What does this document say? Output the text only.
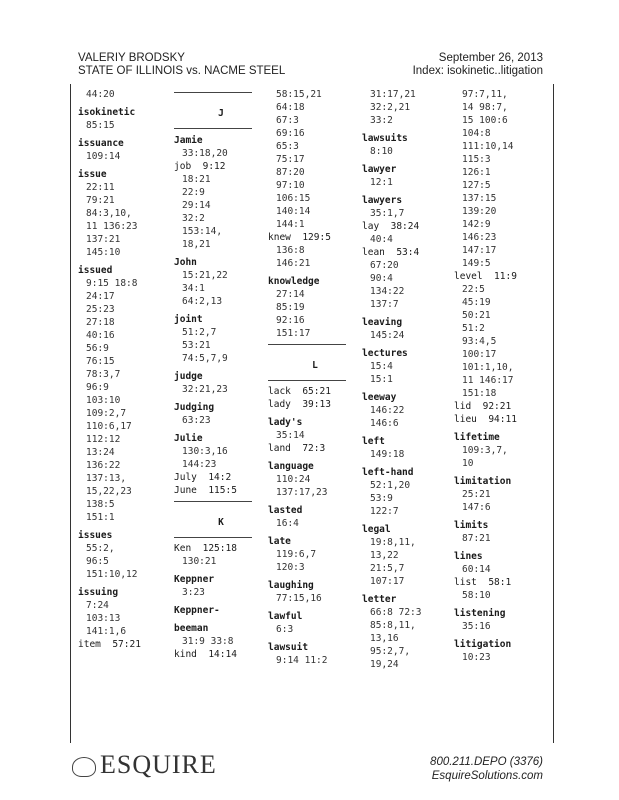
VALERIY BRODSKY
STATE OF ILLINOIS vs. NACME STEEL
September 26, 2013
Index: isokinetic..litigation
44:20
isokinetic
85:15
issuance
109:14
issue
22:11
79:21
84:3,10,
11 136:23
137:21
145:10
issued
9:15 18:8
24:17
25:23
27:18
40:16
56:9
76:15
78:3,7
96:9
103:10
109:2,7
110:6,17
112:12
13:24
136:22
137:13,
15,22,23
138:5
151:1
issues
55:2,
96:5
151:10,12
issuing
7:24
103:13
141:1,6
item  57:21
J
Jamie
33:18,20
job  9:12
18:21
22:9
29:14
32:2
153:14,
18,21
John
15:21,22
34:1
64:2,13
joint
51:2,7
53:21
74:5,7,9
judge
32:21,23
Judging
63:23
Julie
130:3,16
144:23
July  14:2
June  115:5
K
Ken  125:18
130:21
Keppner
3:23
Keppner-
beeman
31:9 33:8
kind  14:14
58:15,21
64:18
67:3
69:16
65:3
75:17
87:20
97:10
106:15
140:14
144:1
knew  129:5
136:8
146:21
knowledge
27:14
85:19
92:16
151:17
L
lack  65:21
lady  39:13
lady's
35:14
land  72:3
language
110:24
137:17,23
lasted
16:4
late
119:6,7
120:3
laughing
77:15,16
lawful
6:3
lawsuit
9:14 11:2
31:17,21
32:2,21
33:2
lawsuits
8:10
lawyer
12:1
lawyers
35:1,7
lay  38:24
40:4
lean  53:4
67:20
90:4
134:22
137:7
leaving
145:24
lectures
15:4
15:1
leeway
146:22
146:6
left
149:18
left-hand
52:1,20
53:9
122:7
legal
19:8,11,
13,22
21:5,7
107:17
letter
66:8 72:3
85:8,11,
13,16
95:2,7,
19,24
97:7,11,
14 98:7,
15 100:6
104:8
111:10,14
115:3
126:1
127:5
137:15
139:20
142:9
146:23
147:17
149:5
level  11:9
22:5
45:19
50:21
51:2
93:4,5
100:17
101:1,10,
11 146:17
151:18
lid  92:21
lieu  94:11
lifetime
109:3,7,
10
limitation
25:21
147:6
limits
87:21
lines
60:14
list  58:1
58:10
listening
35:16
litigation
10:23
ESQUIRE	800.211.DEPO (3376)
EsquireSolutions.com
